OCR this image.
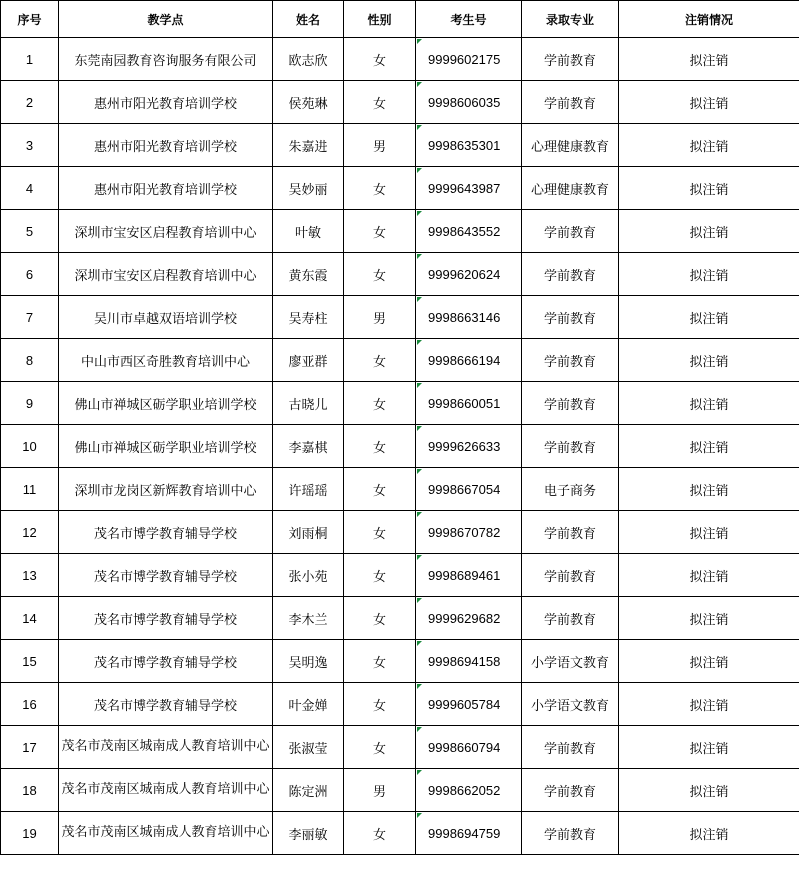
序号	教学点	姓名	性别	考生号	录取专业	注销情况
1	东莞南园教育咨询服务有限公司	欧志欣	女	9999602175	学前教育	拟注销
2	惠州市阳光教育培训学校	侯苑琳	女	9998606035	学前教育	拟注销
3	惠州市阳光教育培训学校	朱嘉进	男	9998635301	心理健康教育	拟注销
4	惠州市阳光教育培训学校	吴妙丽	女	9999643987	心理健康教育	拟注销
5	深圳市宝安区启程教育培训中心	叶敏	女	9998643552	学前教育	拟注销
6	深圳市宝安区启程教育培训中心	黄东霞	女	9999620624	学前教育	拟注销
7	吴川市卓越双语培训学校	吴寿柱	男	9998663146	学前教育	拟注销
8	中山市西区奇胜教育培训中心	廖亚群	女	9998666194	学前教育	拟注销
9	佛山市禅城区砺学职业培训学校	古晓儿	女	9998660051	学前教育	拟注销
10	佛山市禅城区砺学职业培训学校	李嘉棋	女	9999626633	学前教育	拟注销
11	深圳市龙岗区新辉教育培训中心	许瑶瑶	女	9998667054	电子商务	拟注销
12	茂名市博学教育辅导学校	刘雨桐	女	9998670782	学前教育	拟注销
13	茂名市博学教育辅导学校	张小苑	女	9998689461	学前教育	拟注销
14	茂名市博学教育辅导学校	李木兰	女	9999629682	学前教育	拟注销
15	茂名市博学教育辅导学校	吴明逸	女	9998694158	小学语文教育	拟注销
16	茂名市博学教育辅导学校	叶金婵	女	9999605784	小学语文教育	拟注销
17	茂名市茂南区城南成人教育培训中心	张淑莹	女	9998660794	学前教育	拟注销
18	茂名市茂南区城南成人教育培训中心	陈定洲	男	9998662052	学前教育	拟注销
19	茂名市茂南区城南成人教育培训中心	李丽敏	女	9998694759	学前教育	拟注销
